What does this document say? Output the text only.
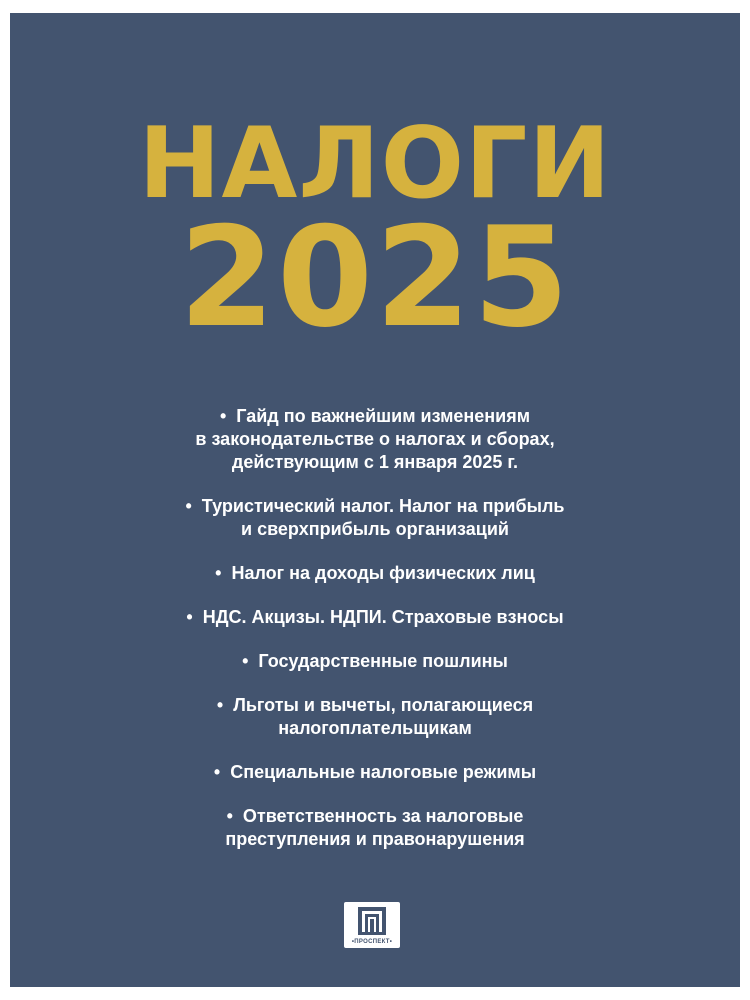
НАЛОГИ
2025
• Гайд по важнейшим изменениям
в законодательстве о налогах и сборах,
действующим с 1 января 2025 г.
• Туристический налог. Налог на прибыль
и сверхприбыль организаций
• Налог на доходы физических лиц
• НДС. Акцизы. НДПИ. Страховые взносы
• Государственные пошлины
• Льготы и вычеты, полагающиеся
налогоплательщикам
• Специальные налоговые режимы
• Ответственность за налоговые
преступления и правонарушения
•ПРОСПЕКТ•
